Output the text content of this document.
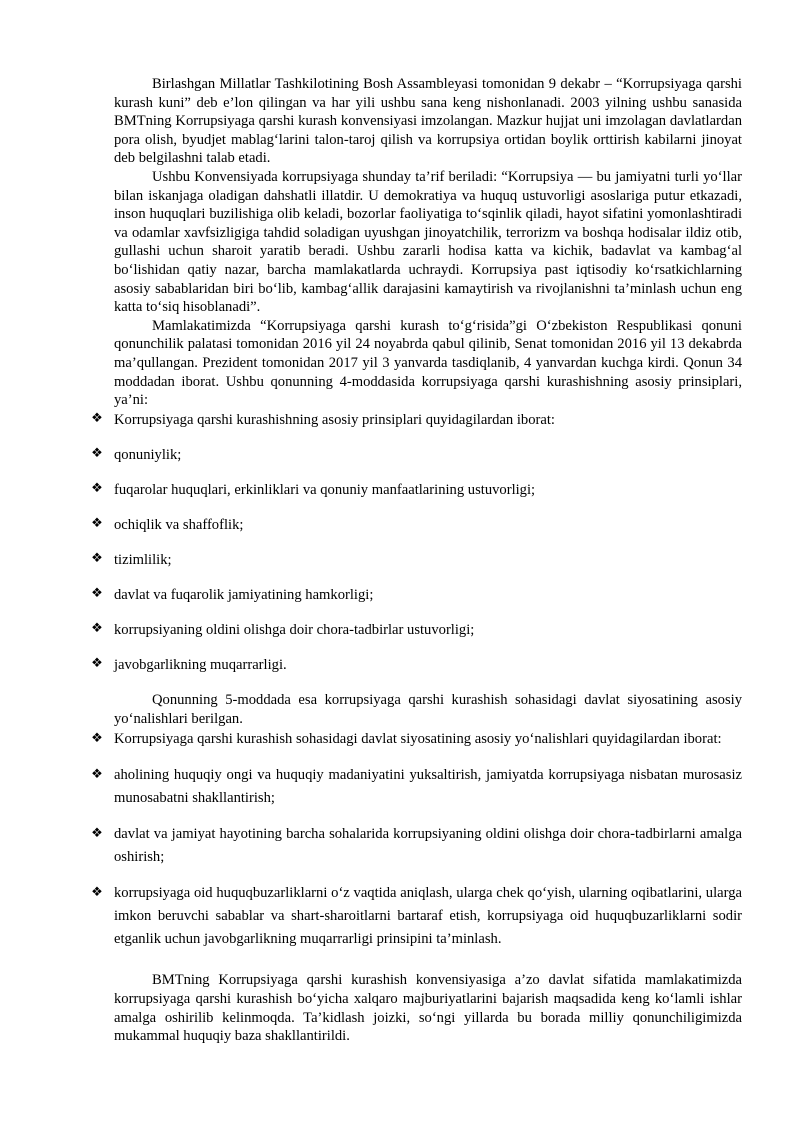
Birlashgan Millatlar Tashkilotining Bosh Assambleyasi tomonidan 9 dekabr – “Korrupsiyaga qarshi kurash kuni” deb e’lon qilingan va har yili ushbu sana keng nishonlanadi. 2003 yilning ushbu sanasida BMTning Korrupsiyaga qarshi kurash konvensiyasi imzolangan. Mazkur hujjat uni imzolagan davlatlardan pora olish, byudjet mablag‘larini talon-taroj qilish va korrupsiya ortidan boylik orttirish kabilarni jinoyat deb belgilashni talab etadi.

Ushbu Konvensiyada korrupsiyaga shunday ta’rif beriladi: “Korrupsiya — bu jamiyatni turli yo‘llar bilan iskanjaga oladigan dahshatli illatdir. U demokratiya va huquq ustuvorligi asoslariga putur etkazadi, inson huquqlari buzilishiga olib keladi, bozorlar faoliyatiga to‘sqinlik qiladi, hayot sifatini yomonlashtiradi va odamlar xavfsizligiga tahdid soladigan uyushgan jinoyatchilik, terrorizm va boshqa hodisalar ildiz otib, gullashi uchun sharoit yaratib beradi. Ushbu zararli hodisa katta va kichik, badavlat va kambag‘al bo‘lishidan qatiy nazar, barcha mamlakatlarda uchraydi. Korrupsiya past iqtisodiy ko‘rsatkichlarning asosiy sabablaridan biri bo‘lib, kambag‘allik darajasini kamaytirish va rivojlanishni ta’minlash uchun eng katta to‘siq hisoblanadi”.

Mamlakatimizda “Korrupsiyaga qarshi kurash to‘g‘risida”gi O‘zbekiston Respublikasi qonuni qonunchilik palatasi tomonidan 2016 yil 24 noyabrda qabul qilinib, Senat tomonidan 2016 yil 13 dekabrda ma’qullangan. Prezident tomonidan 2017 yil 3 yanvarda tasdiqlanib, 4 yanvardan kuchga kirdi. Qonun 34 moddadan iborat. Ushbu qonunning 4-moddasida korrupsiyaga qarshi kurashishning asosiy prinsiplari, ya’ni:

❖ Korrupsiyaga qarshi kurashishning asosiy prinsiplari quyidagilardan iborat:
❖ qonuniylik;
❖ fuqarolar huquqlari, erkinliklari va qonuniy manfaatlarining ustuvorligi;
❖ ochiqlik va shaffoflik;
❖ tizimlilik;
❖ davlat va fuqarolik jamiyatining hamkorligi;
❖ korrupsiyaning oldini olishga doir chora-tadbirlar ustuvorligi;
❖ javobgarlikning muqarrarligi.

Qonunning 5-moddada esa korrupsiyaga qarshi kurashish sohasidagi davlat siyosatining asosiy yo‘nalishlari berilgan.

❖ Korrupsiyaga qarshi kurashish sohasidagi davlat siyosatining asosiy yo‘nalishlari quyidagilardan iborat:
❖ aholining huquqiy ongi va huquqiy madaniyatini yuksaltirish, jamiyatda korrupsiyaga nisbatan murosasiz munosabatni shakllantirish;
❖ davlat va jamiyat hayotining barcha sohalarida korrupsiyaning oldini olishga doir chora-tadbirlarni amalga oshirish;
❖ korrupsiyaga oid huquqbuzarliklarni o‘z vaqtida aniqlash, ularga chek qo‘yish, ularning oqibatlarini, ularga imkon beruvchi sabablar va shart-sharoitlarni bartaraf etish, korrupsiyaga oid huquqbuzarliklarni sodir etganlik uchun javobgarlikning muqarrarligi prinsipini ta’minlash.

BMTning Korrupsiyaga qarshi kurashish konvensiyasiga a’zo davlat sifatida mamlakatimizda korrupsiyaga qarshi kurashish bo‘yicha xalqaro majburiyatlarini bajarish maqsadida keng ko‘lamli ishlar amalga oshirilib kelinmoqda. Ta’kidlash joizki, so‘ngi yillarda bu borada milliy qonunchiligimizda mukammal huquqiy baza shakllantirildi.
